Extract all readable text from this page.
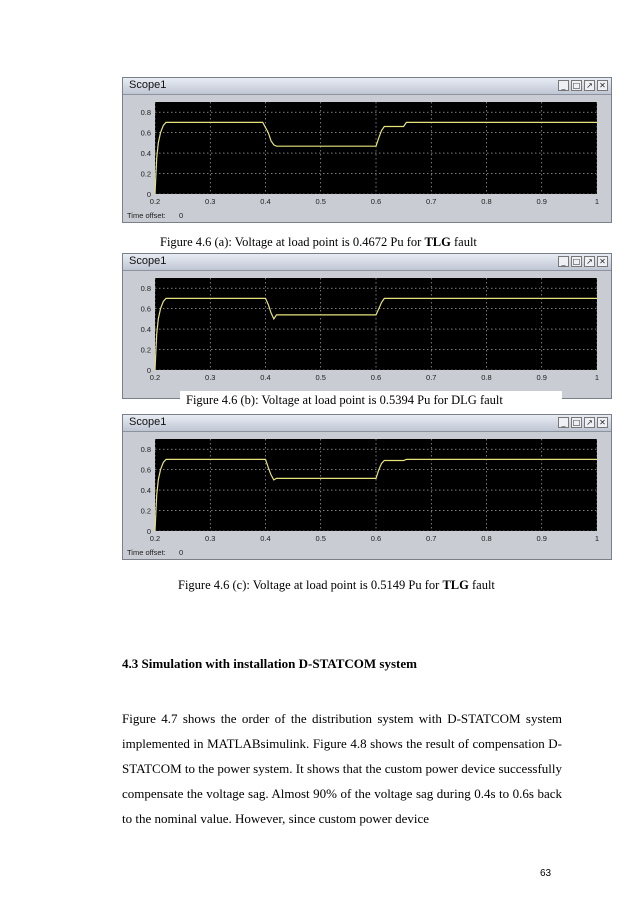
Scope1	_ □ ↗ ✕
0.2	0.3	0.4	0.5	0.6	0.7	0.8	0.9	1
0
0.2
0.4
0.6
0.8
Time offset: 0
Figure 4.6 (a): Voltage at load point is 0.4672 Pu for TLG fault
Scope1	_ □ ↗ ✕
0.2	0.3	0.4	0.5	0.6	0.7	0.8	0.9	1
0
0.2
0.4
0.6
0.8
Figure 4.6 (b): Voltage at load point is 0.5394 Pu for DLG fault
Scope1	_ □ ↗ ✕
0.2	0.3	0.4	0.5	0.6	0.7	0.8	0.9	1
0
0.2
0.4
0.6
0.8
Time offset: 0
Figure 4.6 (c): Voltage at load point is 0.5149 Pu for TLG fault
4.3 Simulation with installation D-STATCOM system
Figure 4.7 shows the order of the distribution system with D-STATCOM system implemented in MATLABsimulink. Figure 4.8 shows the result of compensation D-STATCOM to the power system. It shows that the custom power device successfully compensate the voltage sag. Almost 90% of the voltage sag during 0.4s to 0.6s back to the nominal value. However, since custom power device
63
